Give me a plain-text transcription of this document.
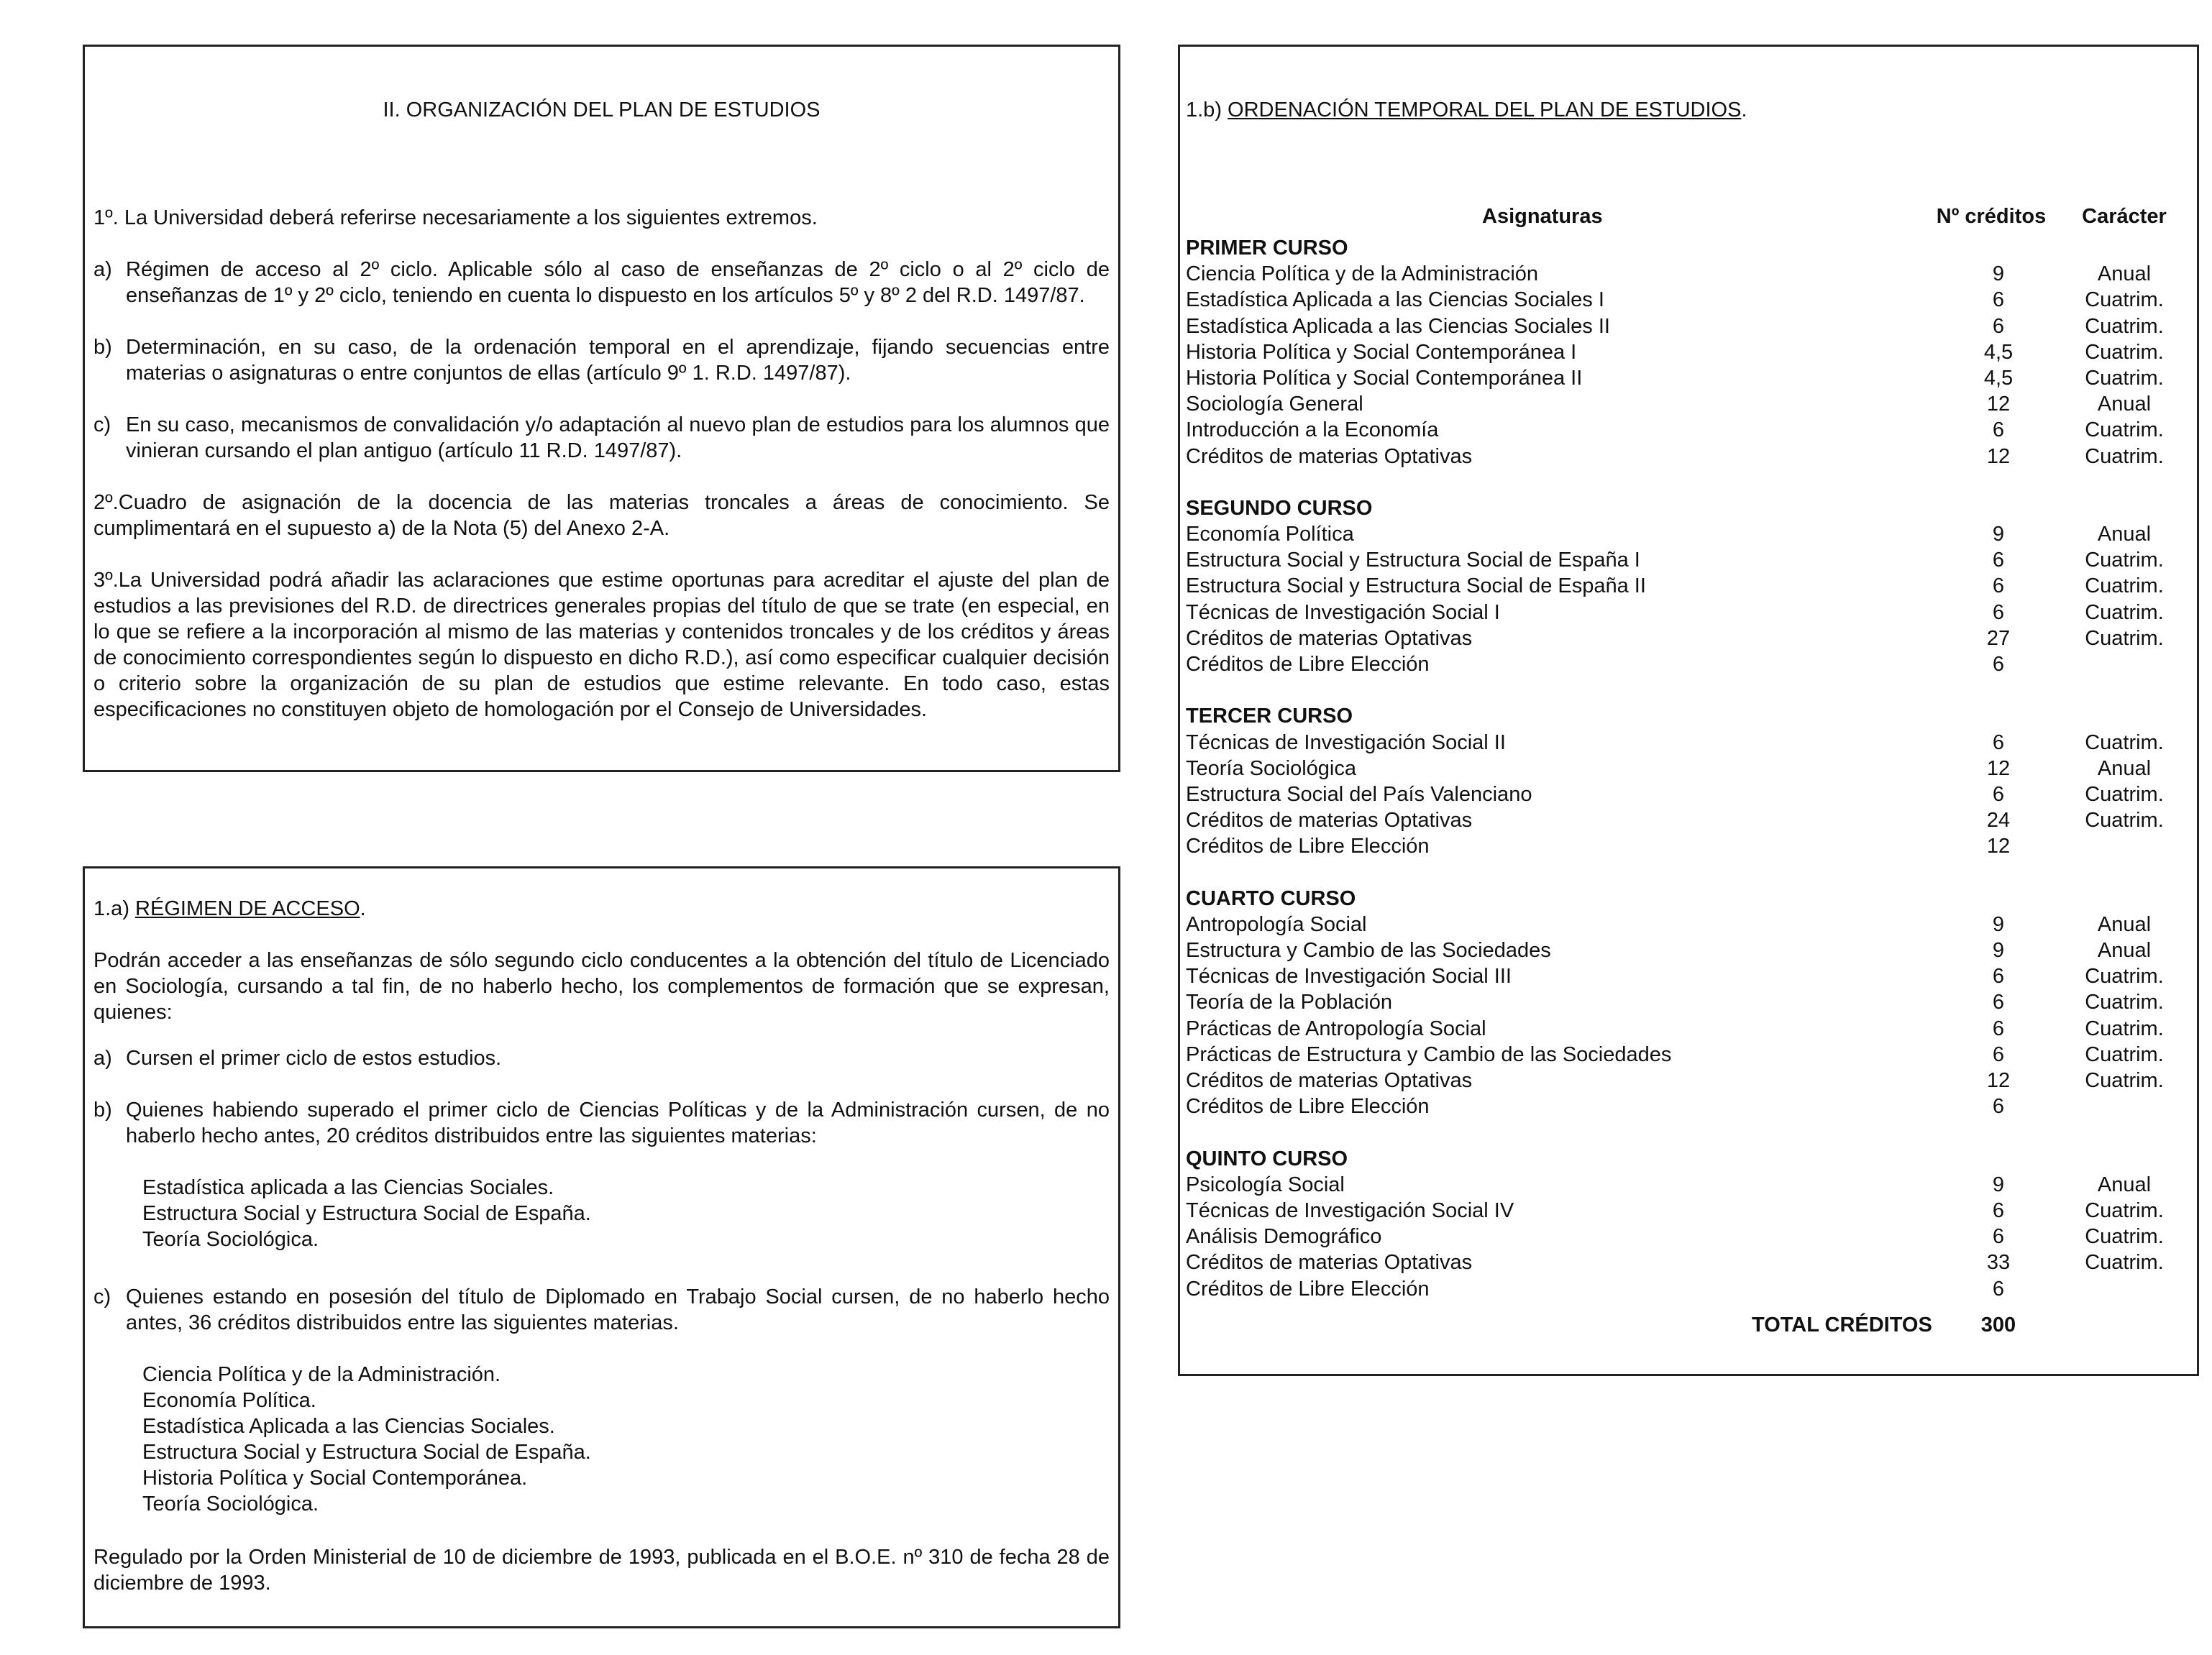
II. ORGANIZACIÓN DEL PLAN DE ESTUDIOS

1º. La Universidad deberá referirse necesariamente a los siguientes extremos.

a) Régimen de acceso al 2º ciclo. Aplicable sólo al caso de enseñanzas de 2º ciclo o al 2º ciclo de enseñanzas de 1º y 2º ciclo, teniendo en cuenta lo dispuesto en los artículos 5º y 8º 2 del R.D. 1497/87.
b) Determinación, en su caso, de la ordenación temporal en el aprendizaje, fijando secuencias entre materias o asignaturas o entre conjuntos de ellas (artículo 9º 1. R.D. 1497/87).
c) En su caso, mecanismos de convalidación y/o adaptación al nuevo plan de estudios para los alumnos que vinieran cursando el plan antiguo (artículo 11 R.D. 1497/87).

2º.Cuadro de asignación de la docencia de las materias troncales a áreas de conocimiento. Se cumplimentará en el supuesto a) de la Nota (5) del Anexo 2-A.

3º.La Universidad podrá añadir las aclaraciones que estime oportunas para acreditar el ajuste del plan de estudios a las previsiones del R.D. de directrices generales propias del título de que se trate (en especial, en lo que se refiere a la incorporación al mismo de las materias y contenidos troncales y de los créditos y áreas de conocimiento correspondientes según lo dispuesto en dicho R.D.), así como especificar cualquier decisión o criterio sobre la organización de su plan de estudios que estime relevante. En todo caso, estas especificaciones no constituyen objeto de homologación por el Consejo de Universidades.

1.a) RÉGIMEN DE ACCESO.

Podrán acceder a las enseñanzas de sólo segundo ciclo conducentes a la obtención del título de Licenciado en Sociología, cursando a tal fin, de no haberlo hecho, los complementos de formación que se expresan, quienes:

a) Cursen el primer ciclo de estos estudios.
b) Quienes habiendo superado el primer ciclo de Ciencias Políticas y de la Administración cursen, de no haberlo hecho antes, 20 créditos distribuidos entre las siguientes materias:
Estadística aplicada a las Ciencias Sociales.
Estructura Social y Estructura Social de España.
Teoría Sociológica.
c) Quienes estando en posesión del título de Diplomado en Trabajo Social cursen, de no haberlo hecho antes, 36 créditos distribuidos entre las siguientes materias.
Ciencia Política y de la Administración.
Economía Política.
Estadística Aplicada a las Ciencias Sociales.
Estructura Social y Estructura Social de España.
Historia Política y Social Contemporánea.
Teoría Sociológica.

Regulado por la Orden Ministerial de 10 de diciembre de 1993, publicada en el B.O.E. nº 310 de fecha 28 de diciembre de 1993.

1.b) ORDENACIÓN TEMPORAL DEL PLAN DE ESTUDIOS.
Asignaturas	Nº créditos	Carácter
PRIMER CURSO
Ciencia Política y de la Administración	9	Anual
Estadística Aplicada a las Ciencias Sociales I	6	Cuatrim.
Estadística Aplicada a las Ciencias Sociales II	6	Cuatrim.
Historia Política y Social Contemporánea I	4,5	Cuatrim.
Historia Política y Social Contemporánea II	4,5	Cuatrim.
Sociología General	12	Anual
Introducción a la Economía	6	Cuatrim.
Créditos de materias Optativas	12	Cuatrim.
SEGUNDO CURSO
Economía Política	9	Anual
Estructura Social y Estructura Social de España I	6	Cuatrim.
Estructura Social y Estructura Social de España II	6	Cuatrim.
Técnicas de Investigación Social I	6	Cuatrim.
Créditos de materias Optativas	27	Cuatrim.
Créditos de Libre Elección	6
TERCER CURSO
Técnicas de Investigación Social II	6	Cuatrim.
Teoría Sociológica	12	Anual
Estructura Social del País Valenciano	6	Cuatrim.
Créditos de materias Optativas	24	Cuatrim.
Créditos de Libre Elección	12
CUARTO CURSO
Antropología Social	9	Anual
Estructura y Cambio de las Sociedades	9	Anual
Técnicas de Investigación Social III	6	Cuatrim.
Teoría de la Población	6	Cuatrim.
Prácticas de Antropología Social	6	Cuatrim.
Prácticas de Estructura y Cambio de las Sociedades	6	Cuatrim.
Créditos de materias Optativas	12	Cuatrim.
Créditos de Libre Elección	6
QUINTO CURSO
Psicología Social	9	Anual
Técnicas de Investigación Social IV	6	Cuatrim.
Análisis Demográfico	6	Cuatrim.
Créditos de materias Optativas	33	Cuatrim.
Créditos de Libre Elección	6
TOTAL CRÉDITOS	300
